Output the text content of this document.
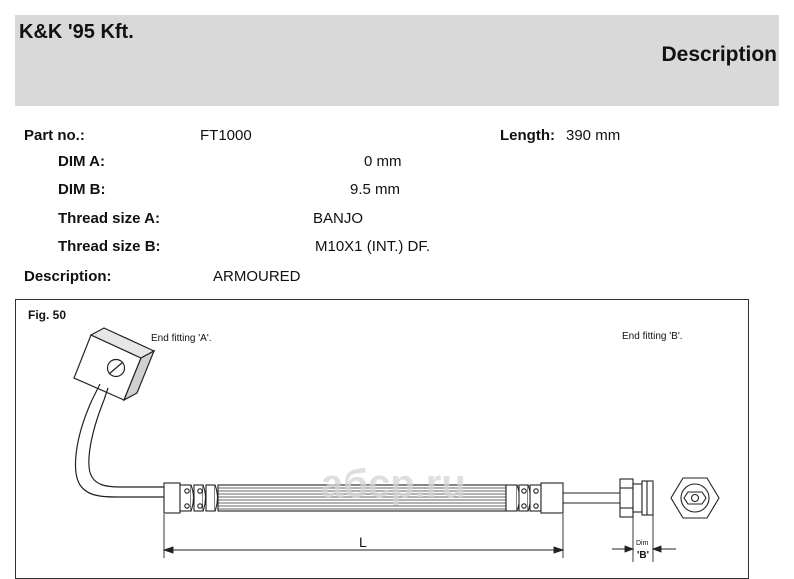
K&K '95 Kft.
Description
Part no.:	FT1000	Length: 390 mm
DIM A:	0 mm
DIM B:	9.5 mm
Thread size A:	BANJO
Thread size B:	M10X1 (INT.) DF.
Description:	ARMOURED
Fig. 50
End fitting 'A'.	End fitting 'B'.
aбcp.ru
L	Dim
'B'
